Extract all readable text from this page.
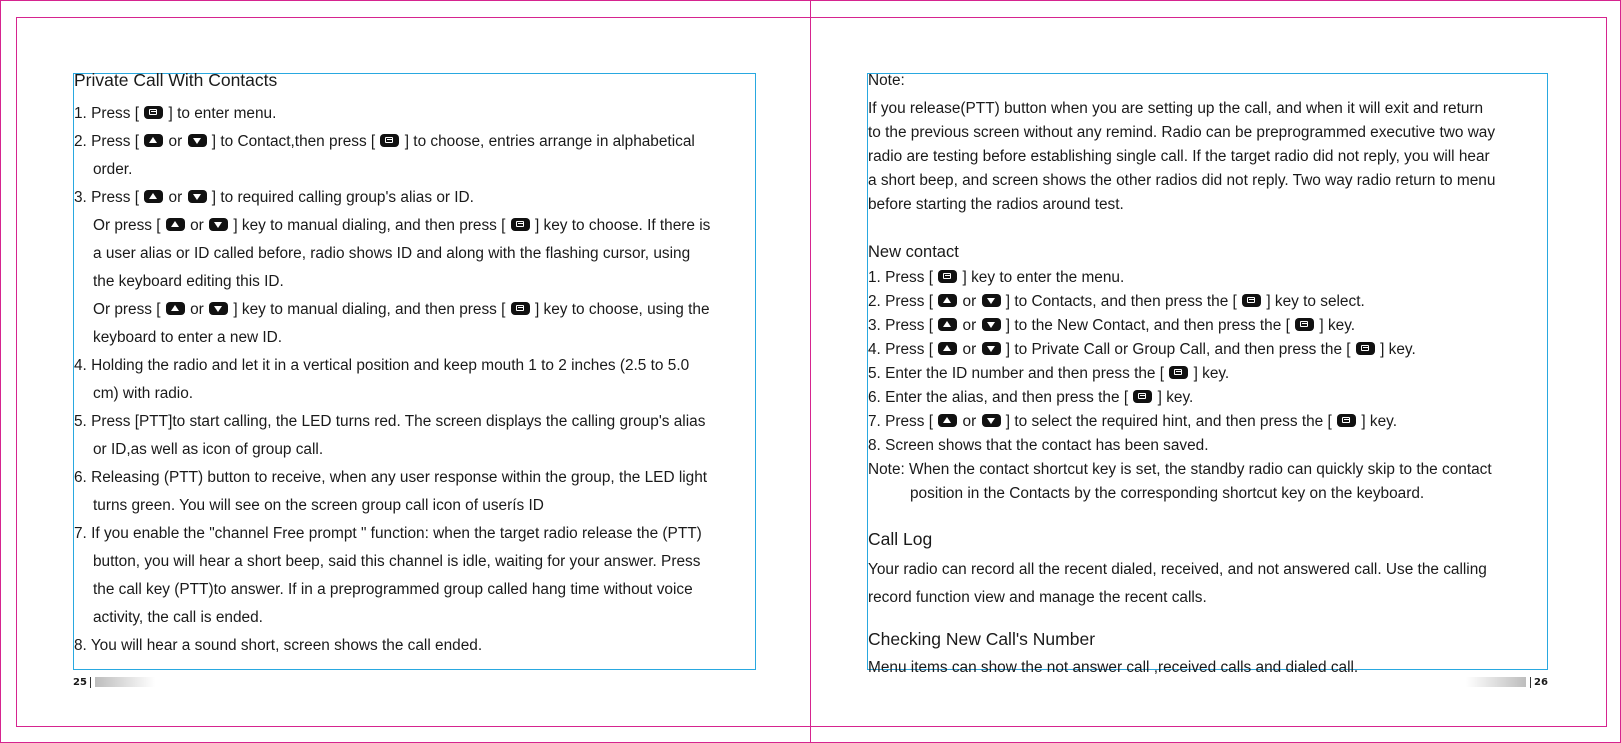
Private Call With Contacts
1. Press [  ] to enter menu.
2. Press [  or  ] to Contact,then press [  ] to choose, entries arrange in alphabetical
order.
3. Press [  or  ] to required calling group's alias or ID.
Or press [  or  ] key to manual dialing, and then press [  ] key to choose. If there is
a user alias or ID called before, radio shows ID and along with the flashing cursor, using
the keyboard editing this ID.
Or press [  or  ] key to manual dialing, and then press [  ] key to choose, using the
keyboard to enter a new ID.
4. Holding the radio and let it in a vertical position and keep mouth 1 to 2 inches (2.5 to 5.0
cm) with radio.
5. Press [PTT]to start calling, the LED turns red. The screen displays the calling group's alias
or ID,as well as icon of group call.
6. Releasing (PTT) button to receive, when any user response within the group, the LED light
turns green. You will see on the screen group call icon of userís ID
7. If you enable the "channel Free prompt " function: when the target radio release the (PTT)
button, you will hear a short beep, said this channel is idle, waiting for your answer. Press
the call key (PTT)to answer. If in a preprogrammed group called hang time without voice
activity, the call is ended.
8. You will hear a sound short, screen shows the call ended.
25
Note:
If you release(PTT) button when you are setting up the call, and when it will exit and return
to the previous screen without any remind. Radio can be preprogrammed executive two way
radio are testing before establishing single call. If the target radio did not reply, you will hear
a short beep, and screen shows the other radios did not reply. Two way radio return to menu
before starting the radios around test.
New contact
1. Press [  ] key to enter the menu.
2. Press [  or  ] to Contacts, and then press the [  ] key to select.
3. Press [  or  ] to the New Contact, and then press the [  ] key.
4. Press [  or  ] to Private Call or Group Call, and then press the [  ] key.
5. Enter the ID number and then press the [  ] key.
6. Enter the alias, and then press the [  ] key.
7. Press [  or  ] to select the required hint, and then press the [  ] key.
8. Screen shows that the contact has been saved.
Note: When the contact shortcut key is set, the standby radio can quickly skip to the contact
position in the Contacts by the corresponding shortcut key on the keyboard.
Call Log
Your radio can record all the recent dialed, received, and not answered call. Use the calling
record function view and manage the recent calls.
Checking New Call's Number
Menu items can show the not answer call ,received calls and dialed call.
26
